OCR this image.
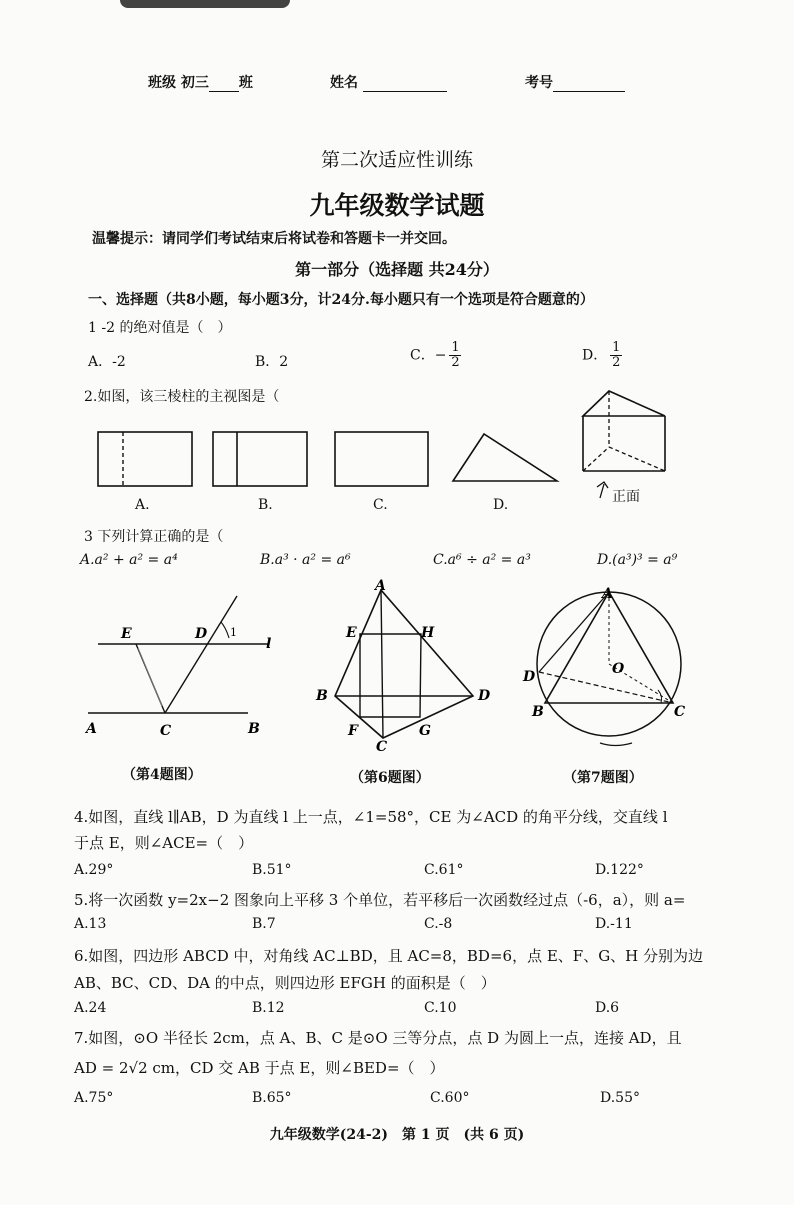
班级 初三 班	姓名	考号
第二次适应性训练
九年级数学试题
温馨提示：请同学们考试结束后将试卷和答题卡一并交回。
第一部分（选择题 共24分）
一、选择题（共8小题，每小题3分，计24分.每小题只有一个选项是符合题意的）
1 -2 的绝对值是（　）
A．-2	B．2	C．− $\frac{1}{2}$	D． $\frac{1}{2}$
2.如图，该三棱柱的主视图是（
A.	B.	C.	D.	正面
3 下列计算正确的是（
A.a² + a² = a⁴	B.a³ · a² = a⁶	C.a⁶ ÷ a² = a³	D.(a³)³ = a⁹
E	D 1
l
A	C	B
A
E	H
B	D
F	G
C
A
D	O
B	C
（第4题图）	（第6题图）	（第7题图）
4.如图，直线 l∥AB，D 为直线 l 上一点，∠1=58°，CE 为∠ACD 的角平分线，交直线 l
于点 E，则∠ACE=（　）
A.29°	B.51°	C.61°	D.122°
5.将一次函数 y=2x−2 图象向上平移 3 个单位，若平移后一次函数经过点（-6，a），则 a=
A.13	B.7	C.-8	D.-11
6.如图，四边形 ABCD 中，对角线 AC⊥BD，且 AC=8，BD=6，点 E、F、G、H 分别为边
AB、BC、CD、DA 的中点，则四边形 EFGH 的面积是（　）
A.24	B.12	C.10	D.6
7.如图，⊙O 半径长 2cm，点 A、B、C 是⊙O 三等分点，点 D 为圆上一点，连接 AD，且
AD = 2√2 cm，CD 交 AB 于点 E，则∠BED=（　）
A.75°	B.65°	C.60°	D.55°
九年级数学(24-2)　第 1 页　(共 6 页)
